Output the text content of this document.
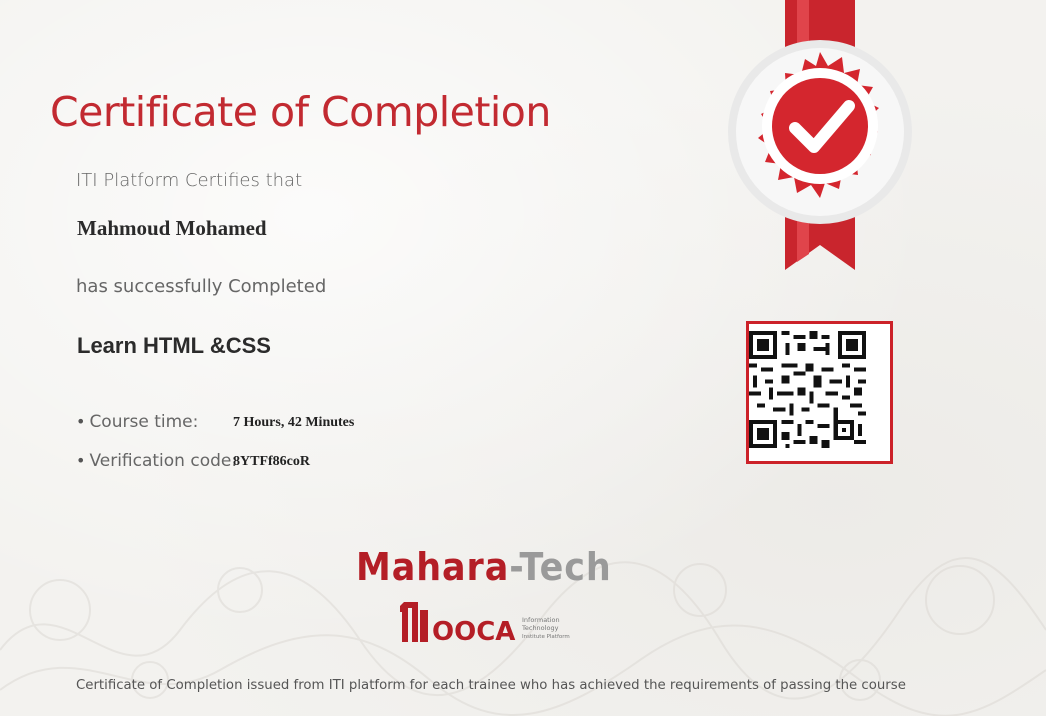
Certificate of Completion
ITI Platform Certifies that
Mahmoud Mohamed
has successfully Completed
Learn HTML &CSS
• Course time: 7 Hours, 42 Minutes
• Verification code:
8YTFf86coR
Mahara-Tech
OOCA Information
Technology
Institute Platform
Certificate of Completion issued from ITI platform for each trainee who has achieved the requirements of passing the course
